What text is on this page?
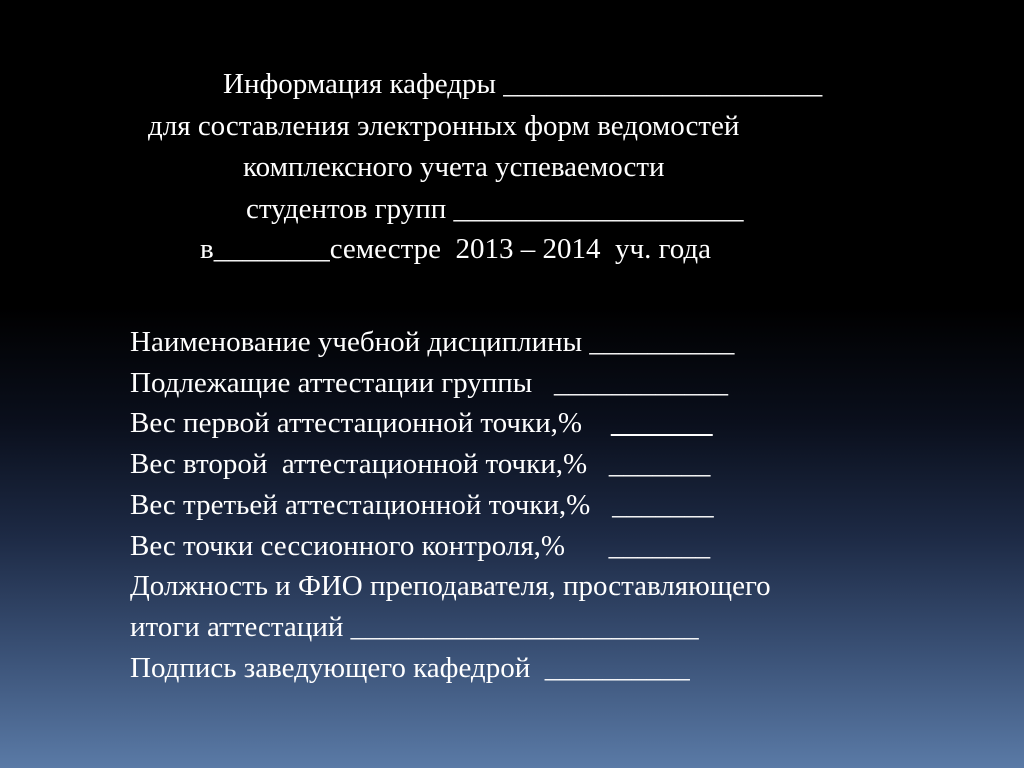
Информация кафедры ______________________
для составления электронных форм ведомостей
комплексного учета успеваемости
студентов групп ____________________
в________семестре  2013 – 2014  уч. года
Наименование учебной дисциплины __________
Подлежащие аттестации группы   ____________
Вес первой аттестационной точки,%    _______
Вес второй  аттестационной точки,%   _______
Вес третьей аттестационной точки,%   _______
Вес точки сессионного контроля,%      _______
Должность и ФИО преподавателя, проставляющего
итоги аттестаций ________________________
Подпись заведующего кафедрой  __________
